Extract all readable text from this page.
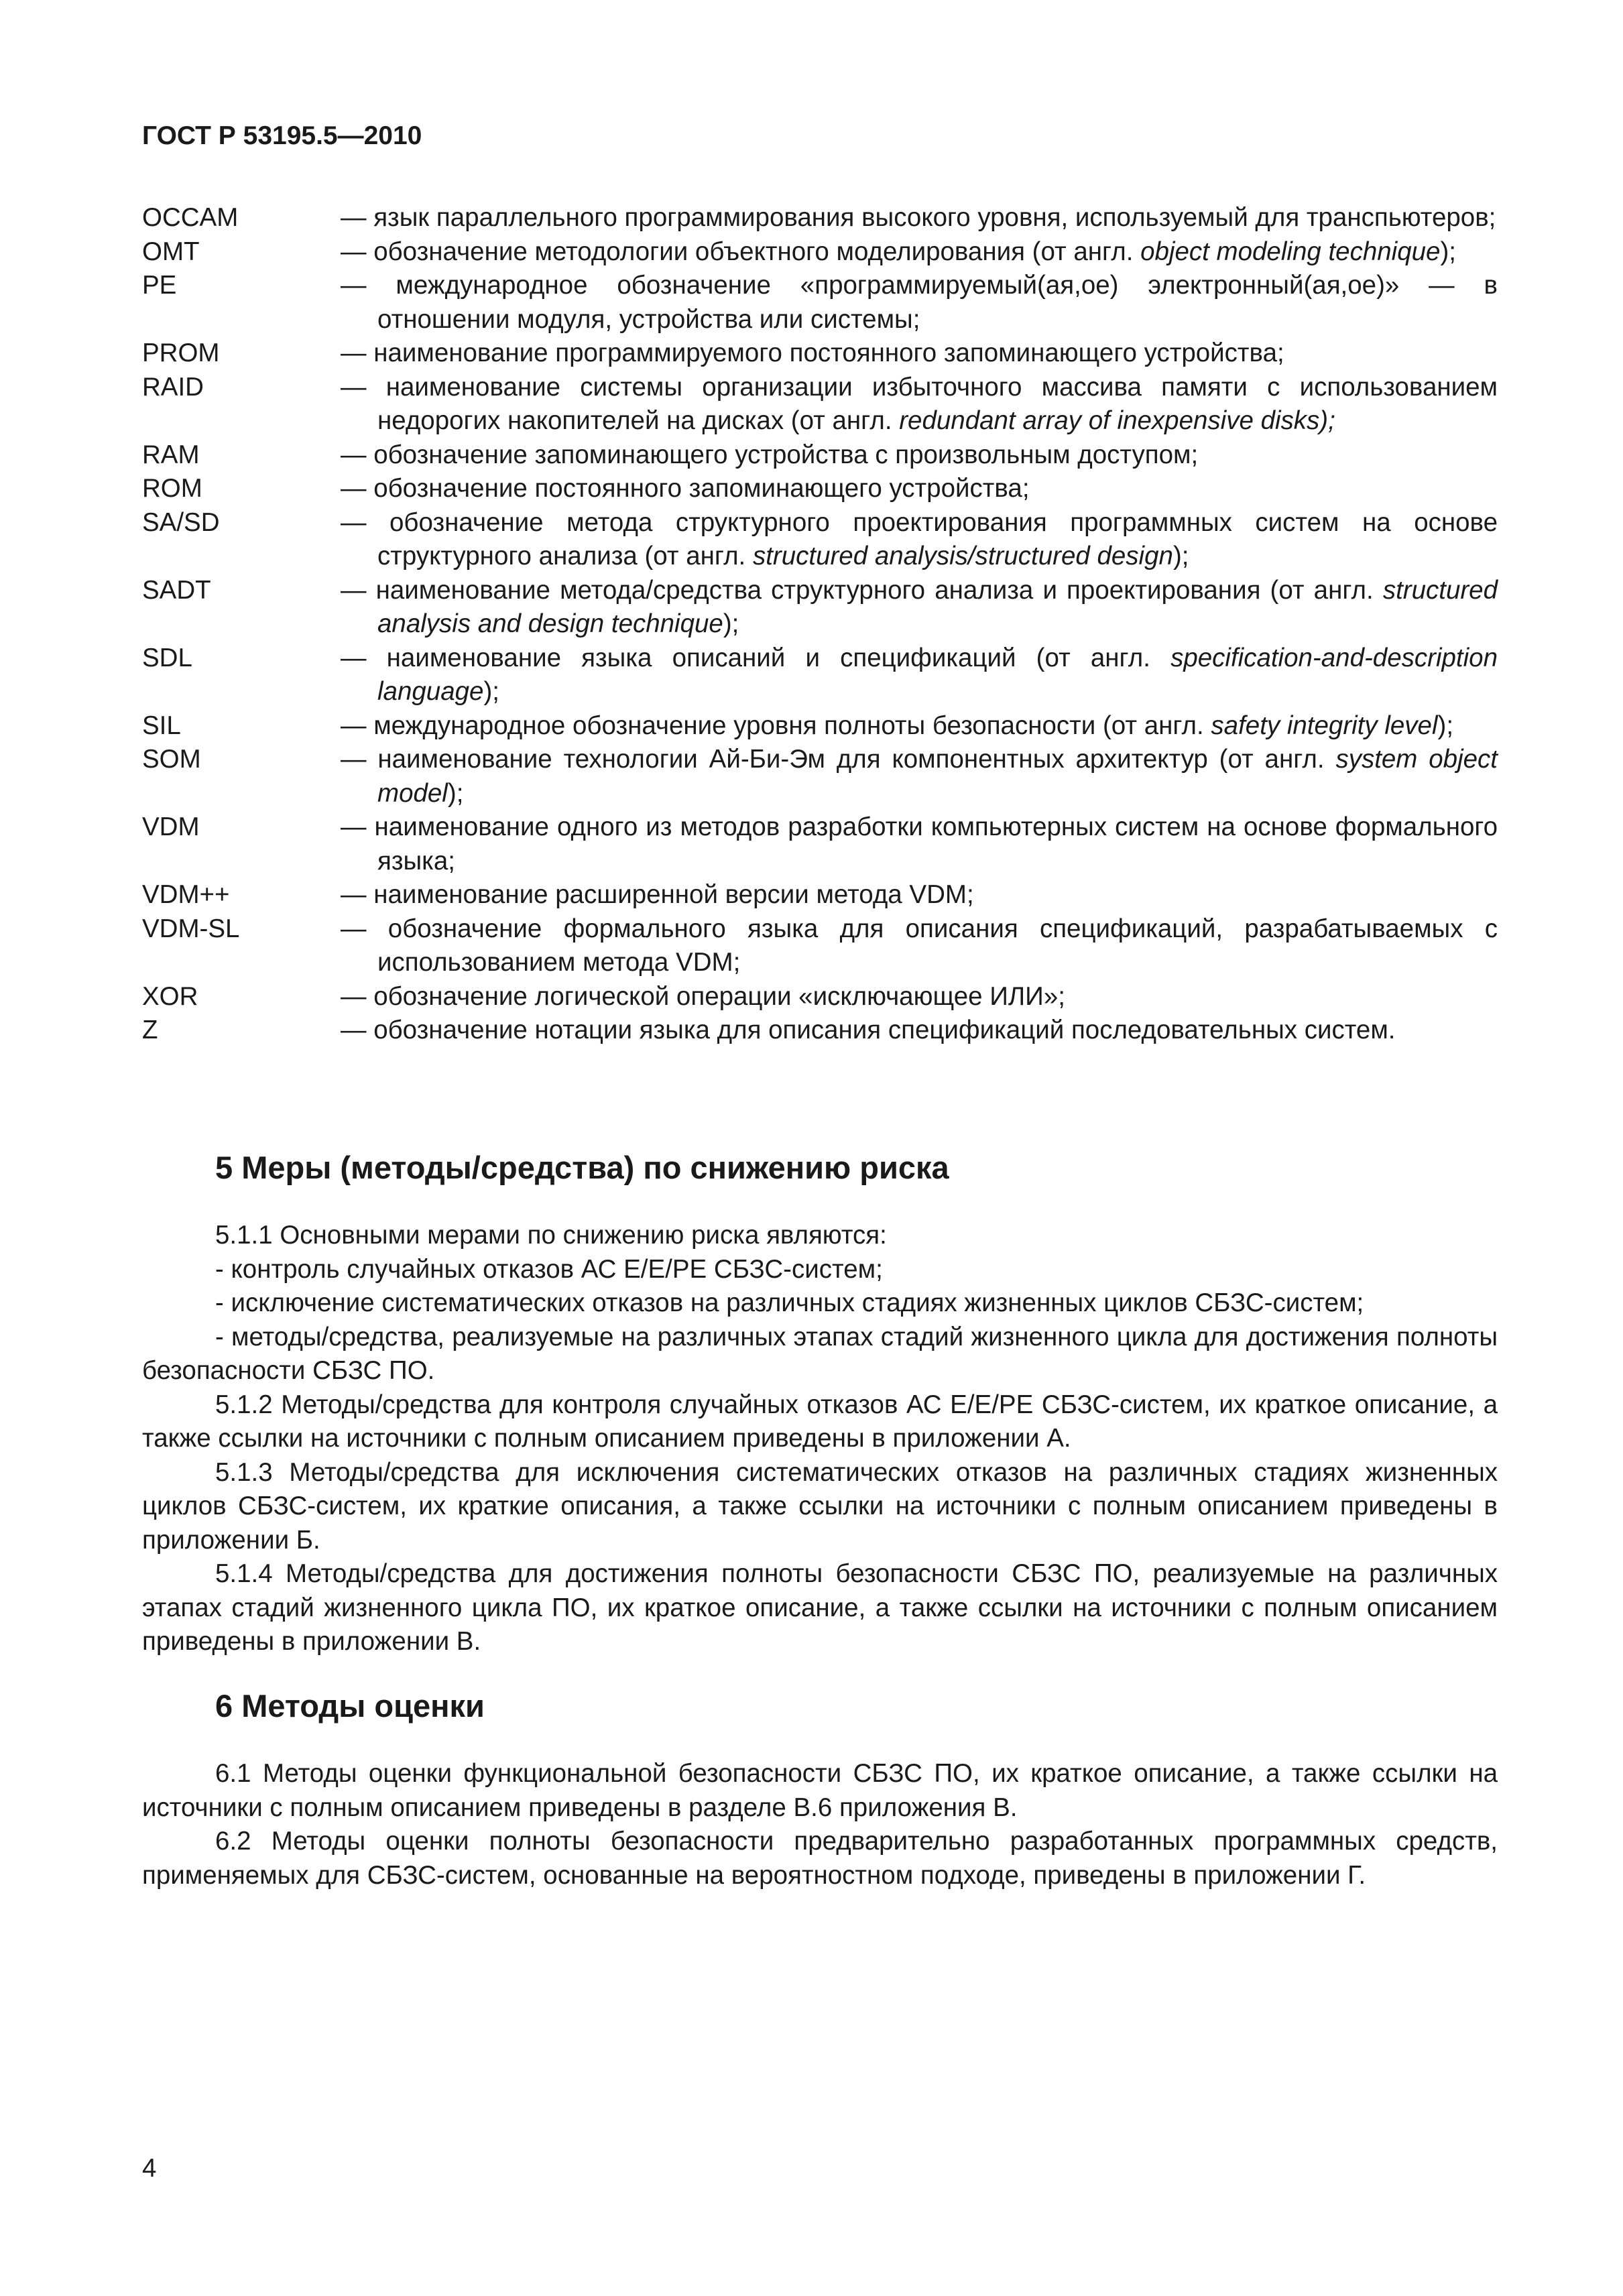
ГОСТ Р 53195.5—2010
OCCAM	— язык параллельного программирования высокого уровня, используемый для транспьютеров;
OMT	— обозначение методологии объектного моделирования (от англ. object modeling technique);
PE	— международное обозначение «программируемый(ая,ое) электронный(ая,ое)» — в отношении модуля, устройства или системы;
PROM	— наименование программируемого постоянного запоминающего устройства;
RAID	— наименование системы организации избыточного массива памяти с использованием недорогих накопителей на дисках (от англ. redundant array of inexpensive disks);
RAM	— обозначение запоминающего устройства с произвольным доступом;
ROM	— обозначение постоянного запоминающего устройства;
SA/SD	— обозначение метода структурного проектирования программных систем на основе структурного анализа (от англ. structured analysis/structured design);
SADT	— наименование метода/средства структурного анализа и проектирования (от англ. structured analysis and design technique);
SDL	— наименование языка описаний и спецификаций (от англ. specification-and-description language);
SIL	— международное обозначение уровня полноты безопасности (от англ. safety integrity level);
SOM	— наименование технологии Ай-Би-Эм для компонентных архитектур (от англ. system object model);
VDM	— наименование одного из методов разработки компьютерных систем на основе формального языка;
VDM++	— наименование расширенной версии метода VDM;
VDM-SL	— обозначение формального языка для описания спецификаций, разрабатываемых с использованием метода VDM;
XOR	— обозначение логической операции «исключающее ИЛИ»;
Z	— обозначение нотации языка для описания спецификаций последовательных систем.
5 Меры (методы/средства) по снижению риска

5.1.1 Основными мерами по снижению риска являются:

- контроль случайных отказов АС Е/Е/РЕ СБЗС-систем;

- исключение систематических отказов на различных стадиях жизненных циклов СБЗС-систем;

- методы/средства, реализуемые на различных этапах стадий жизненного цикла для достижения полноты безопасности СБЗС ПО.

5.1.2 Методы/средства для контроля случайных отказов АС Е/Е/РЕ СБЗС-систем, их краткое описание, а также ссылки на источники с полным описанием приведены в приложении А.

5.1.3 Методы/средства для исключения систематических отказов на различных стадиях жизненных циклов СБЗС-систем, их краткие описания, а также ссылки на источники с полным описанием приведены в приложении Б.

5.1.4 Методы/средства для достижения полноты безопасности СБЗС ПО, реализуемые на различных этапах стадий жизненного цикла ПО, их краткое описание, а также ссылки на источники с полным описанием приведены в приложении В.

6 Методы оценки

6.1 Методы оценки функциональной безопасности СБЗС ПО, их краткое описание, а также ссылки на источники с полным описанием приведены в разделе В.6 приложения В.

6.2 Методы оценки полноты безопасности предварительно разработанных программных средств, применяемых для СБЗС-систем, основанные на вероятностном подходе, приведены в приложении Г.

4
